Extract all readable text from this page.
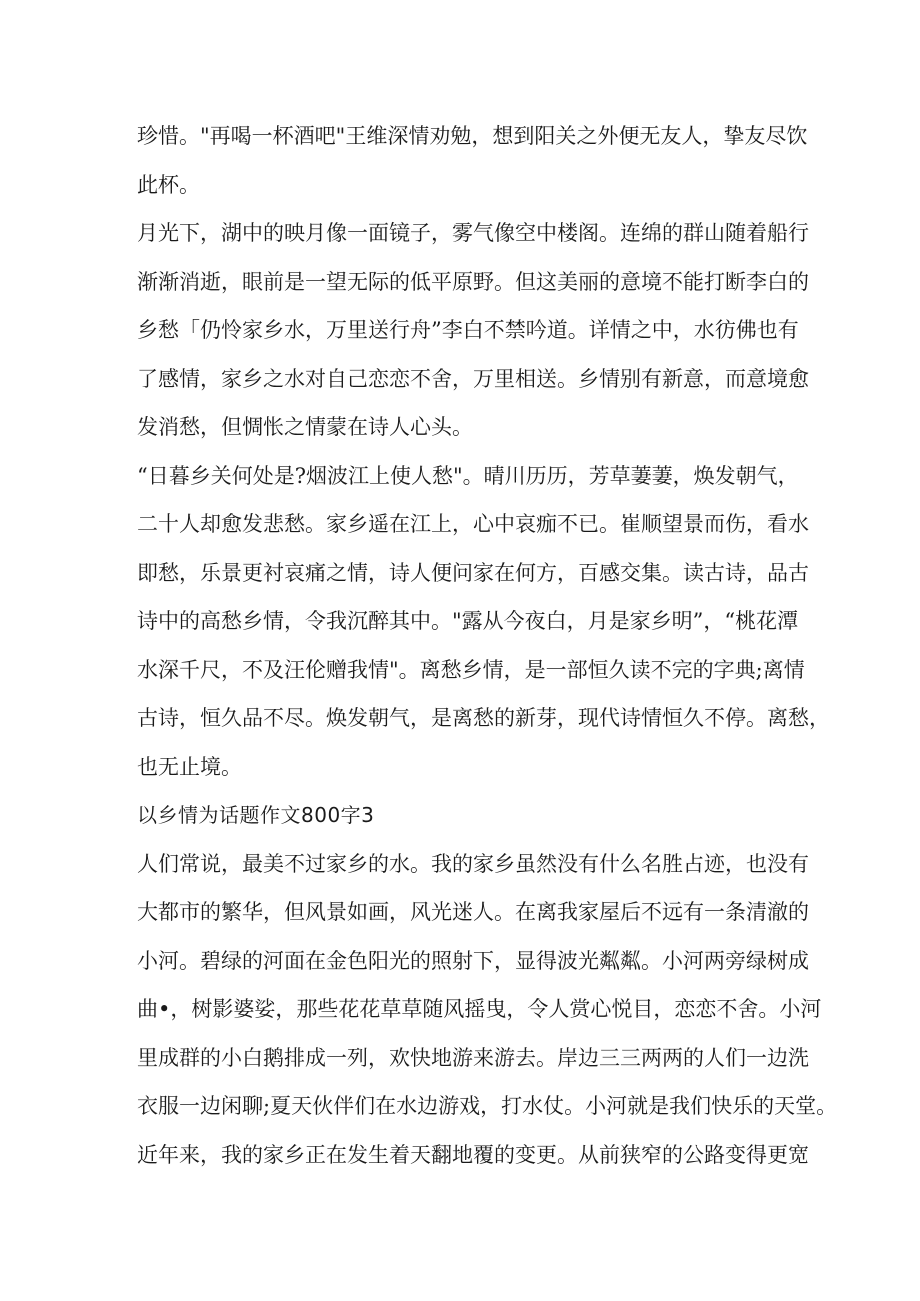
珍惜。"再喝一杯酒吧"王维深情劝勉，想到阳关之外便无友人，挚友尽饮
此杯。
月光下，湖中的映月像一面镜子，雾气像空中楼阁。连绵的群山随着船行
渐渐消逝，眼前是一望无际的低平原野。但这美丽的意境不能打断李白的
乡愁「仍怜家乡水，万里送行舟”李白不禁吟道。详情之中，水彷佛也有
了感情，家乡之水对自己恋恋不舍，万里相送。乡情别有新意，而意境愈
发消愁，但惆怅之情蒙在诗人心头。
“日暮乡关何处是?烟波江上使人愁"。晴川历历，芳草萋萋，焕发朝气，
二十人却愈发悲愁。家乡遥在江上，心中哀痂不已。崔顺望景而伤，看水
即愁，乐景更衬哀痛之情，诗人便问家在何方，百感交集。读古诗，品古
诗中的高愁乡情，令我沉醉其中。"露从今夜白，月是家乡明”，“桃花潭
水深千尺，不及汪伦赠我情"。离愁乡情，是一部恒久读不完的字典;离情
古诗，恒久品不尽。焕发朝气，是离愁的新芽，现代诗情恒久不停。离愁，
也无止境。
以乡情为话题作文800字3
人们常说，最美不过家乡的水。我的家乡虽然没有什么名胜占迹，也没有
大都市的繁华，但风景如画，风光迷人。在离我家屋后不远有一条清澈的
小河。碧绿的河面在金色阳光的照射下，显得波光粼粼。小河两旁绿树成
曲•，树影婆娑，那些花花草草随风摇曳，令人赏心悦目，恋恋不舍。小河
里成群的小白鹅排成一列，欢快地游来游去。岸边三三两两的人们一边洗
衣服一边闲聊;夏天伙伴们在水边游戏，打水仗。小河就是我们快乐的天堂。
近年来，我的家乡正在发生着天翻地覆的变更。从前狭窄的公路变得更宽
